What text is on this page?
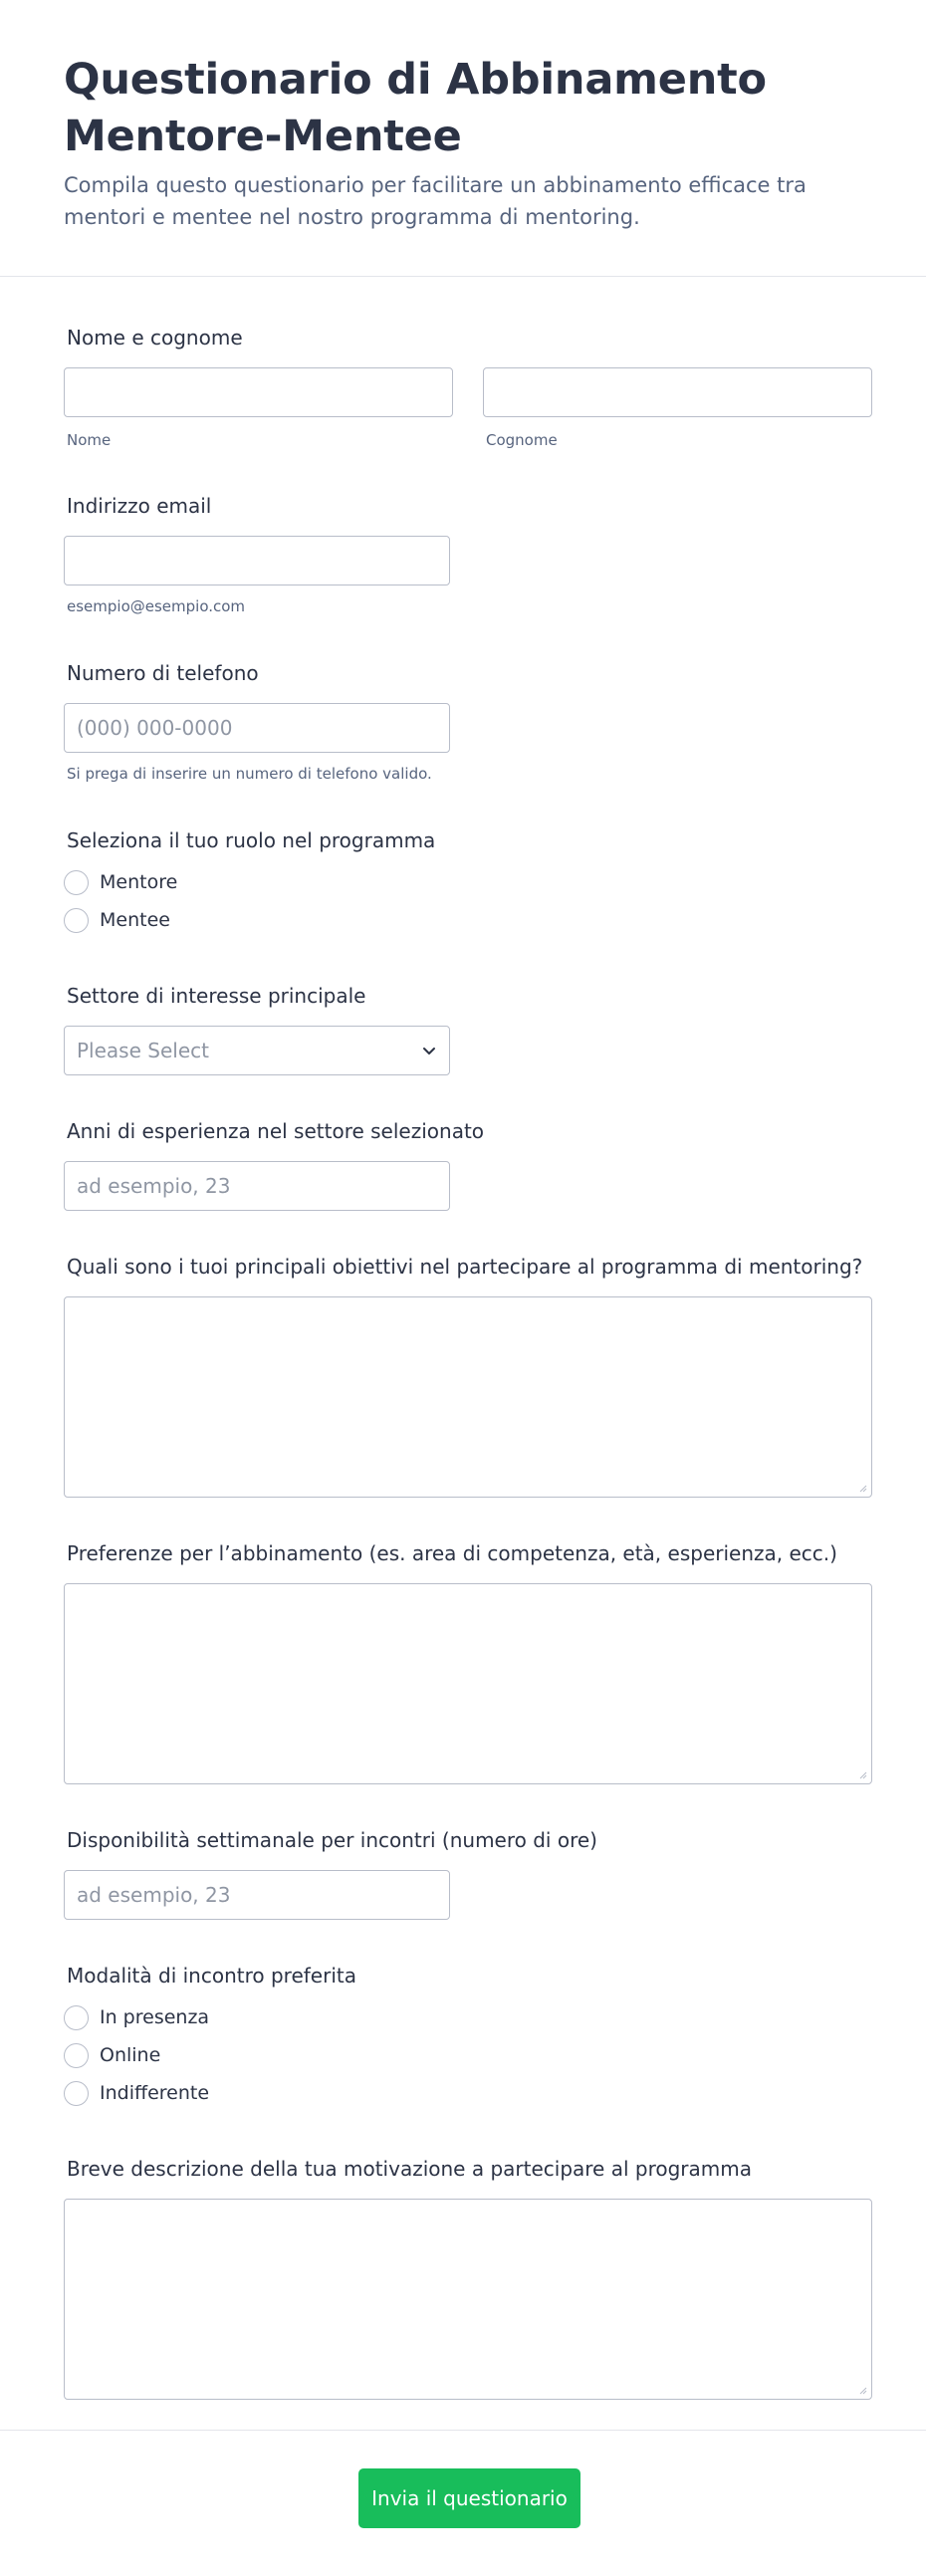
Questionario di Abbinamento Mentore-Mentee

Compila questo questionario per facilitare un abbinamento efficace tra mentori e mentee nel nostro programma di mentoring.

Nome e cognome
Nome	Cognome
Indirizzo email
esempio@esempio.com
Numero di telefono
(000) 000-0000
Si prega di inserire un numero di telefono valido.
Seleziona il tuo ruolo nel programma
Mentore
Mentee
Settore di interesse principale
Please Select
Anni di esperienza nel settore selezionato
ad esempio, 23
Quali sono i tuoi principali obiettivi nel partecipare al programma di mentoring?
Preferenze per l’abbinamento (es. area di competenza, età, esperienza, ecc.)
Disponibilità settimanale per incontri (numero di ore)
ad esempio, 23
Modalità di incontro preferita
In presenza
Online
Indifferente
Breve descrizione della tua motivazione a partecipare al programma
Invia il questionario
